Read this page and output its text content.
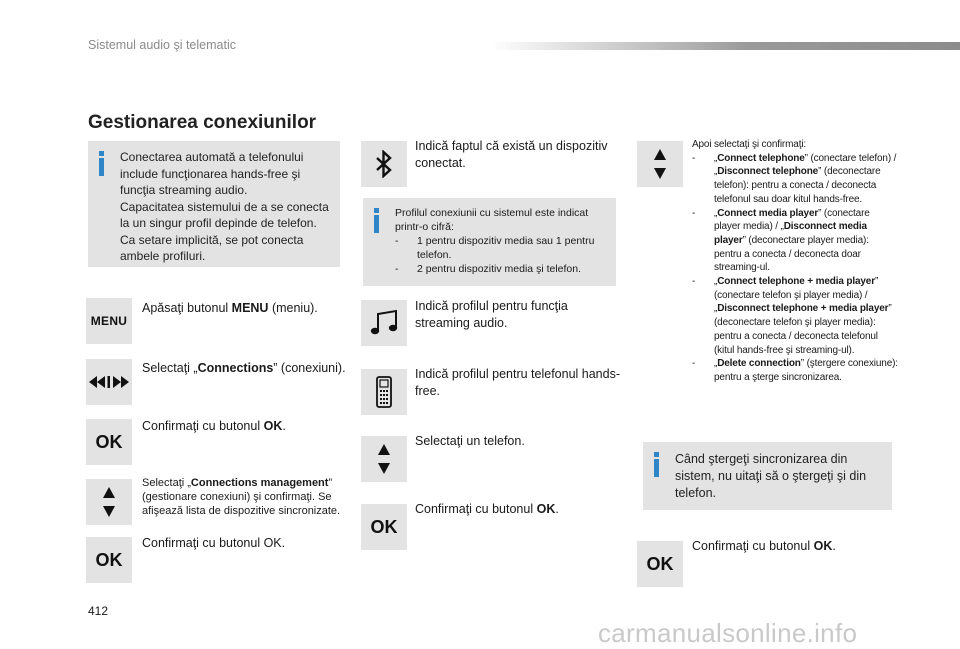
Sistemul audio şi telematic
Gestionarea conexiunilor

Conectarea automată a telefonului include funcţionarea hands-free şi funcţia streaming audio.

Capacitatea sistemului de a se conecta la un singur profil depinde de telefon. Ca setare implicită, se pot conecta ambele profiluri.

MENU
Apăsaţi butonul MENU (meniu).
Selectaţi „Connections” (conexiuni).
OK
Confirmaţi cu butonul OK.
Selectaţi „Connections management” (gestionare conexiuni) şi confirmaţi. Se afişează lista de dispozitive sincronizate.
OK
Confirmaţi cu butonul OK.
Indică faptul că există un dispozitiv conectat.

Profilul conexiunii cu sistemul este indicat printr-o cifră:

- 1 pentru dispozitiv media sau 1 pentru telefon.

- 2 pentru dispozitiv media şi telefon.

Indică profilul pentru funcţia streaming audio.
Indică profilul pentru telefonul hands-free.
Selectaţi un telefon.
OK
Confirmaţi cu butonul OK.

Apoi selectaţi şi confirmaţi:

- „Connect telephone” (conectare telefon) / „Disconnect telephone” (deconectare telefon): pentru a conecta / deconecta telefonul sau doar kitul hands-free.

- „Connect media player” (conectare player media) / „Disconnect media player” (deconectare player media): pentru a conecta / deconecta doar streaming-ul.

- „Connect telephone + media player” (conectare telefon şi player media) / „Disconnect telephone + media player” (deconectare telefon şi player media): pentru a conecta / deconecta telefonul (kitul hands-free şi streaming-ul).

- „Delete connection” (ştergere conexiune): pentru a şterge sincronizarea.

Când ştergeţi sincronizarea din sistem, nu uitaţi să o ştergeţi şi din telefon.
OK
Confirmaţi cu butonul OK.
412
carmanualsonline.info
